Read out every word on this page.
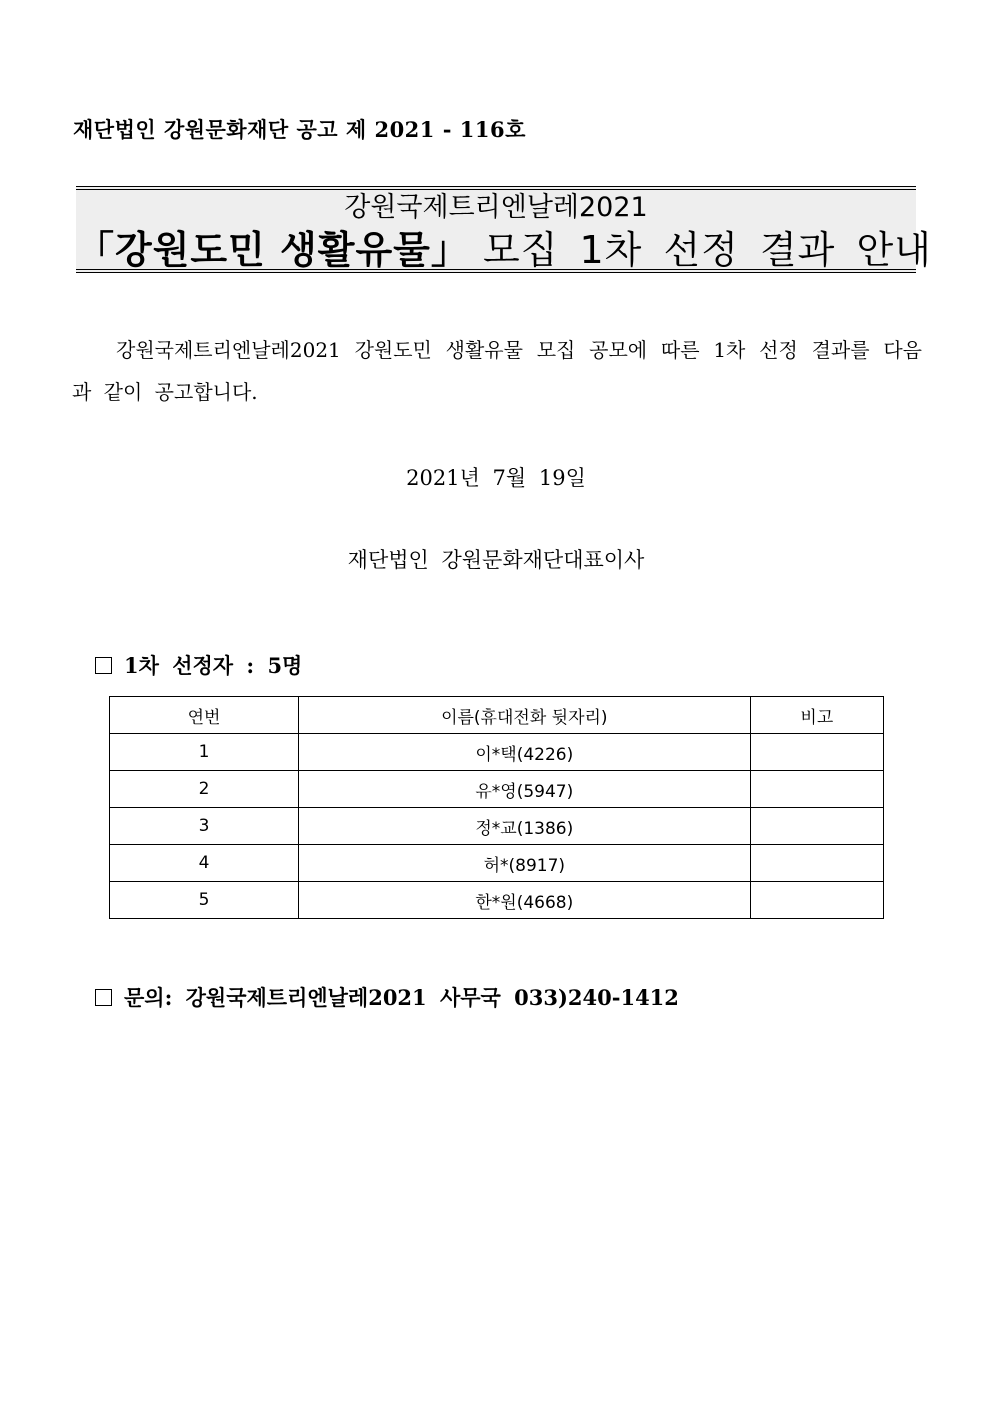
재단법인 강원문화재단 공고 제 2021 - 116호
강원국제트리엔날레2021
「강원도민 생활유물」 모집 1차 선정 결과 안내
강원국제트리엔날레2021 강원도민 생활유물 모집 공모에 따른 1차 선정 결과를 다음과 같이 공고합니다.
2021년 7월 19일
재단법인 강원문화재단대표이사
1차 선정자 : 5명
연번	이름(휴대전화 뒷자리)	비고
1	이*택(4226)	
2	유*영(5947)	
3	정*교(1386)	
4	허*(8917)	
5	한*원(4668)	
문의: 강원국제트리엔날레2021 사무국 033)240-1412
